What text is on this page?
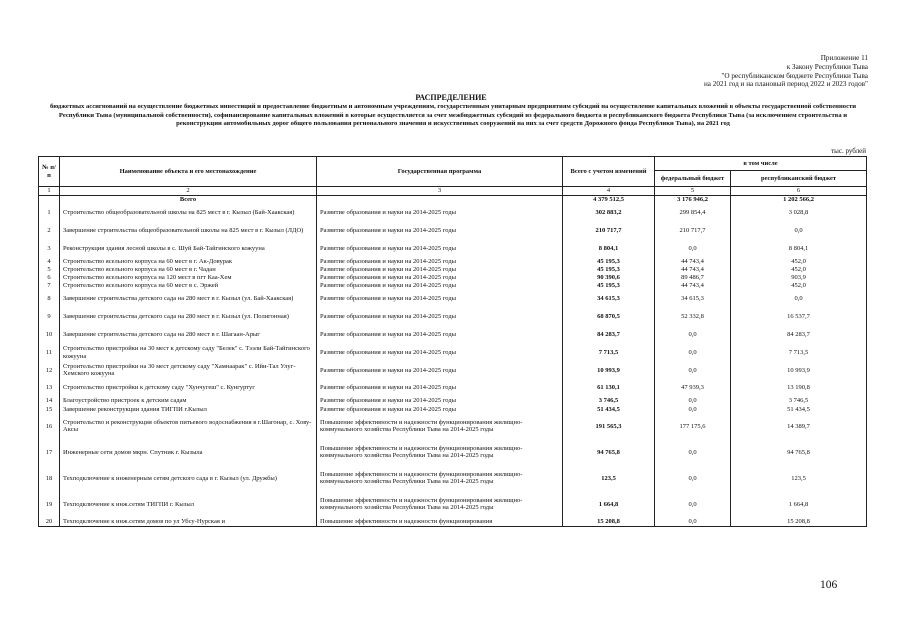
Приложение 11
к Закону Республики Тыва
"О республиканском бюджете Республики Тыва
на 2021 год и на плановый период 2022 и 2023 годов"
РАСПРЕДЕЛЕНИЕ
бюджетных ассигнований на осуществление бюджетных инвестиций и предоставление бюджетным и автономным учреждениям, государственным унитарным предприятиям субсидий на осуществление капитальных вложений в объекты государственной собственности Республики Тыва (муниципальной собственности), софинансирование капитальных вложений в которые осуществляется за счет межбюджетных субсидий из федерального бюджета и республиканского бюджета Республики Тыва (за исключением строительства и реконструкции автомобильных дорог общего пользования регионального значения и искусственных сооружений на них за счет средств Дорожного фонда Республики Тыва), на 2021 год
тыс. рублей
№ п/п	Наименование объекта и его местонахождение	Государственная программа	Всего с учетом изменений	в том числе	
				федеральный бюджет	республиканский бюджет
1	2	3	4	5	6
	Всего		4 379 512,5	3 176 946,2	1 202 566,2
1	Строительство общеобразовательной школы на 825 мест в г. Кызыл (Бай-Хаакская)	Развитие образования и науки на 2014-2025 годы	302 883,2	299 854,4	3 028,8
2	Завершение строительства общеобразовательной школы на 825 мест в г. Кызыл (ЛДО)	Развитие образования и науки на 2014-2025 годы	210 717,7	210 717,7	0,0
3	Реконструкция здания лесной школы в с. Шуй Бай-Тайгинского кожууна	Развитие образования и науки на 2014-2025 годы	8 804,1	0,0	8 804,1
4	Строительство ясельного корпуса на 60 мест в г. Ак-Довурак	Развитие образования и науки на 2014-2025 годы	45 195,3	44 743,4	452,0
5	Строительство ясельного корпуса на 60 мест в г. Чадан	Развитие образования и науки на 2014-2025 годы	45 195,3	44 743,4	452,0
6	Строительство ясельного корпуса на 120 мест в пгт Каа-Хем	Развитие образования и науки на 2014-2025 годы	90 390,6	89 486,7	903,9
7	Строительство ясельного корпуса на 60 мест в с. Эржей	Развитие образования и науки на 2014-2025 годы	45 195,3	44 743,4	452,0
8	Завершение строительства детского сада на 280 мест в г. Кызыл (ул. Бай-Хаакская)	Развитие образования и науки на 2014-2025 годы	34 615,3	34 615,3	0,0
9	Завершение строительства детского сада на 280 мест в г. Кызыл (ул. Полигонная)	Развитие образования и науки на 2014-2025 годы	68 870,5	52 332,8	16 537,7
10	Завершение строительства детского сада на 280 мест в г. Шагаан-Арыг	Развитие образования и науки на 2014-2025 годы	84 283,7	0,0	84 283,7
11	Строительство пристройки на 30 мест к детскому саду "Белек" с. Тээли Бай-Тайгинского кожууна	Развитие образования и науки на 2014-2025 годы	7 713,5	0,0	7 713,5
12	Строительство пристройки на 30 мест детскому саду "Хамнаарак" с. Ийи-Тал Улуг-Хемского кожууна	Развитие образования и науки на 2014-2025 годы	10 993,9	0,0	10 993,9
13	Строительство пристройки к детскому саду "Хунчугеш" с. Кунгуртуг	Развитие образования и науки на 2014-2025 годы	61 130,1	47 939,3	13 190,8
14	Благоустройство пристроек к детским садам	Развитие образования и науки на 2014-2025 годы	3 746,5	0,0	3 746,5
15	Завершение реконструкции здания ТИГПИ г.Кызыл	Развитие образования и науки на 2014-2025 годы	51 434,5	0,0	51 434,5
16	Строительство и реконструкция объектов питьевого водоснабжения в г.Шагонар, с. Хову-Аксы	Повышение эффективности и надежности функционирования жилищно-коммунального хозяйства Республики Тыва на 2014-2025 годы	191 565,3	177 175,6	14 389,7
17	Инженерные сети домов мкрн. Спутник г. Кызыла	Повышение эффективности и надежности функционирования жилищно-коммунального хозяйства Республики Тыва на 2014-2025 годы	94 765,8	0,0	94 765,8
18	Техподключение к инженерным сетям детского сада в г. Кызыл (ул. Дружбы)	Повышение эффективности и надежности функционирования жилищно-коммунального хозяйства Республики Тыва на 2014-2025 годы	123,5	0,0	123,5
19	Техподключение к инж.сетям ТИГПИ г. Кызыл	Повышение эффективности и надежности функционирования жилищно-коммунального хозяйства Республики Тыва на 2014-2025 годы	1 664,8	0,0	1 664,8
20	Техподключение к инж.сетям домов по ул Убсу-Нурская и	Повышение эффективности и надежности функционирования	15 208,8	0,0	15 208,8
106
